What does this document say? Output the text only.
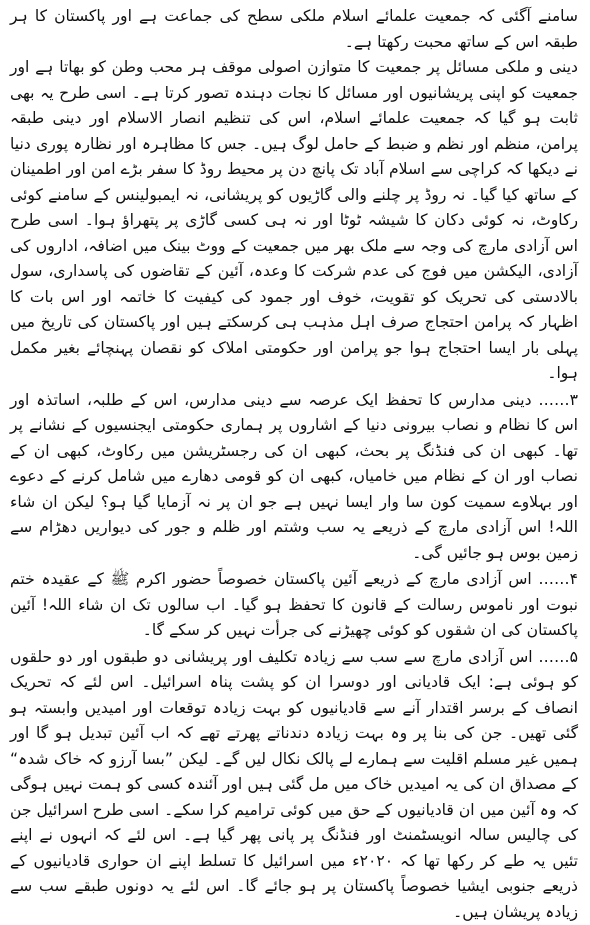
سامنے آگئی کہ جمعیت علمائے اسلام ملکی سطح کی جماعت ہے اور پاکستان کا ہر طبقہ اس کے ساتھ محبت رکھتا ہے۔
دینی و ملکی مسائل پر جمعیت کا متوازن اصولی موقف ہر محب وطن کو بھاتا ہے اور جمعیت کو اپنی پریشانیوں اور مسائل کا نجات دہندہ تصور کرتا ہے۔ اسی طرح یہ بھی ثابت ہو گیا کہ جمعیت علمائے اسلام، اس کی تنظیم انصار الاسلام اور دینی طبقہ پرامن، منظم اور نظم و ضبط کے حامل لوگ ہیں۔ جس کا مظاہرہ اور نظارہ پوری دنیا نے دیکھا کہ کراچی سے اسلام آباد تک پانچ دن پر محیط روڈ کا سفر بڑے امن اور اطمینان کے ساتھ کیا گیا۔ نہ روڈ پر چلنے والی گاڑیوں کو پریشانی، نہ ایمبولینس کے سامنے کوئی رکاوٹ، نہ کوئی دکان کا شیشہ ٹوٹا اور نہ ہی کسی گاڑی پر پتھراؤ ہوا۔ اسی طرح اس آزادی مارچ کی وجہ سے ملک بھر میں جمعیت کے ووٹ بینک میں اضافہ، اداروں کی آزادی، الیکشن میں فوج کی عدم شرکت کا وعدہ، آئین کے تقاضوں کی پاسداری، سول بالادستی کی تحریک کو تقویت، خوف اور جمود کی کیفیت کا خاتمہ اور اس بات کا اظہار کہ پرامن احتجاج صرف اہل مذہب ہی کرسکتے ہیں اور پاکستان کی تاریخ میں پہلی بار ایسا احتجاج ہوا جو پرامن اور حکومتی املاک کو نقصان پہنچائے بغیر مکمل ہوا۔

۳…… دینی مدارس کا تحفظ ایک عرصہ سے دینی مدارس، اس کے طلبہ، اساتذہ اور اس کا نظام و نصاب بیرونی دنیا کے اشاروں پر ہماری حکومتی ایجنسیوں کے نشانے پر تھا۔ کبھی ان کی فنڈنگ پر بحث، کبھی ان کی رجسٹریشن میں رکاوٹ، کبھی ان کے نصاب اور ان کے نظام میں خامیاں، کبھی ان کو قومی دھارے میں شامل کرنے کے دعوے اور بہلاوے سمیت کون سا وار ایسا نہیں ہے جو ان پر نہ آزمایا گیا ہو؟ لیکن ان شاء اللہ! اس آزادی مارچ کے ذریعے یہ سب وشتم اور ظلم و جور کی دیواریں دھڑام سے زمین بوس ہو جائیں گی۔

۴…… اس آزادی مارچ کے ذریعے آئین پاکستان خصوصاً حضور اکرم ﷺ کے عقیدہ ختم نبوت اور ناموس رسالت کے قانون کا تحفظ ہو گیا۔ اب سالوں تک ان شاء اللہ! آئین پاکستان کی ان شقوں کو کوئی چھیڑنے کی جرأت نہیں کر سکے گا۔

۵…… اس آزادی مارچ سے سب سے زیادہ تکلیف اور پریشانی دو طبقوں اور دو حلقوں کو ہوئی ہے: ایک قادیانی اور دوسرا ان کو پشت پناہ اسرائیل۔ اس لئے کہ تحریک انصاف کے برسر اقتدار آنے سے قادیانیوں کو بہت زیادہ توقعات اور امیدیں وابستہ ہو گئی تھیں۔ جن کی بنا پر وہ بہت زیادہ دندناتے پھرتے تھے کہ اب آئین تبدیل ہو گا اور ہمیں غیر مسلم اقلیت سے ہمارے لے پالک نکال لیں گے۔ لیکن ”بسا آرزو کہ خاک شدہ“ کے مصداق ان کی یہ امیدیں خاک میں مل گئی ہیں اور آئندہ کسی کو ہمت نہیں ہوگی کہ وہ آئین میں ان قادیانیوں کے حق میں کوئی ترامیم کرا سکے۔ اسی طرح اسرائیل جن کی چالیس سالہ انویسٹمنٹ اور فنڈنگ پر پانی پھر گیا ہے۔ اس لئے کہ انہوں نے اپنے تئیں یہ طے کر رکھا تھا کہ ۲۰۲۰ء میں اسرائیل کا تسلط اپنے ان حواری قادیانیوں کے ذریعے جنوبی ایشیا خصوصاً پاکستان پر ہو جائے گا۔ اس لئے یہ دونوں طبقے سب سے زیادہ پریشان ہیں۔
